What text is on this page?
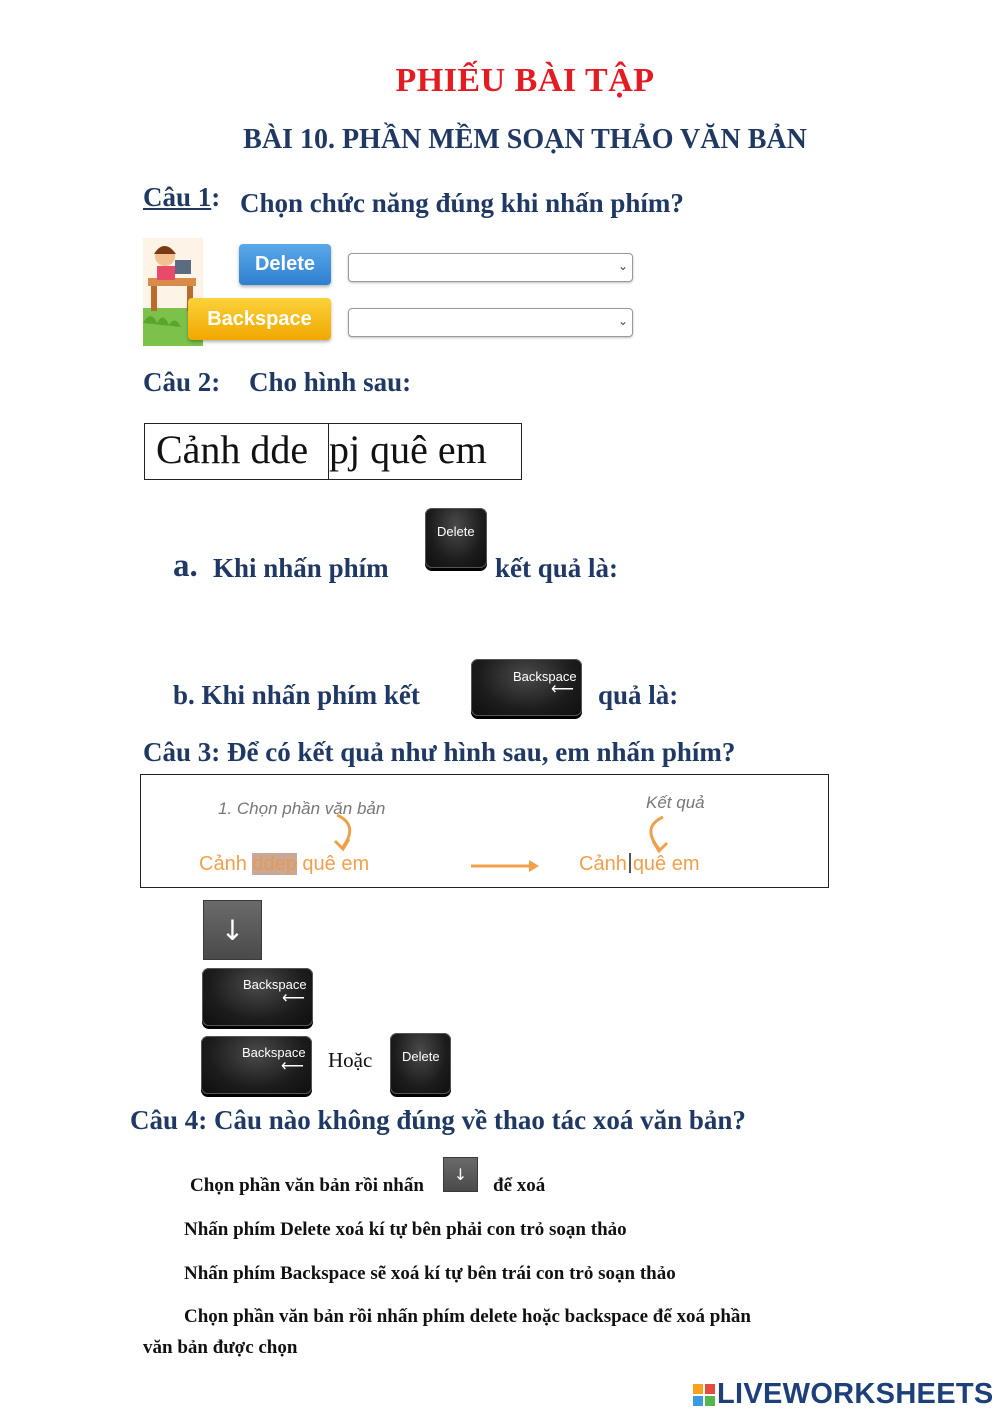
PHIẾU BÀI TẬP
BÀI 10. PHẦN MỀM SOẠN THẢO VĂN BẢN
Câu 1: Chọn chức năng đúng khi nhấn phím?
Delete
Backspace
⌄
⌄
Câu 2: Cho hình sau:
Cảnh dde pj quê em
a. Khi nhấn phím
Delete
kết quả là:
b. Khi nhấn phím kết
Backspace
⟵ quả là:
Câu 3: Để có kết quả như hình sau, em nhấn phím?
1. Chọn phần văn bản
Cảnh ddep quê em
Kết quả
Cảnh quê em
↓
Backspace
⟵
Backspace
⟵ Hoặc Delete
Câu 4: Câu nào không đúng về thao tác xoá văn bản?
Chọn phần văn bản rồi nhấn
↓
để xoá
Nhấn phím Delete xoá kí tự bên phải con trỏ soạn thảo
Nhấn phím Backspace sẽ xoá kí tự bên trái con trỏ soạn thảo
Chọn phần văn bản rồi nhấn phím delete hoặc backspace để xoá phần
văn bản được chọn
LIVEWORKSHEETS
